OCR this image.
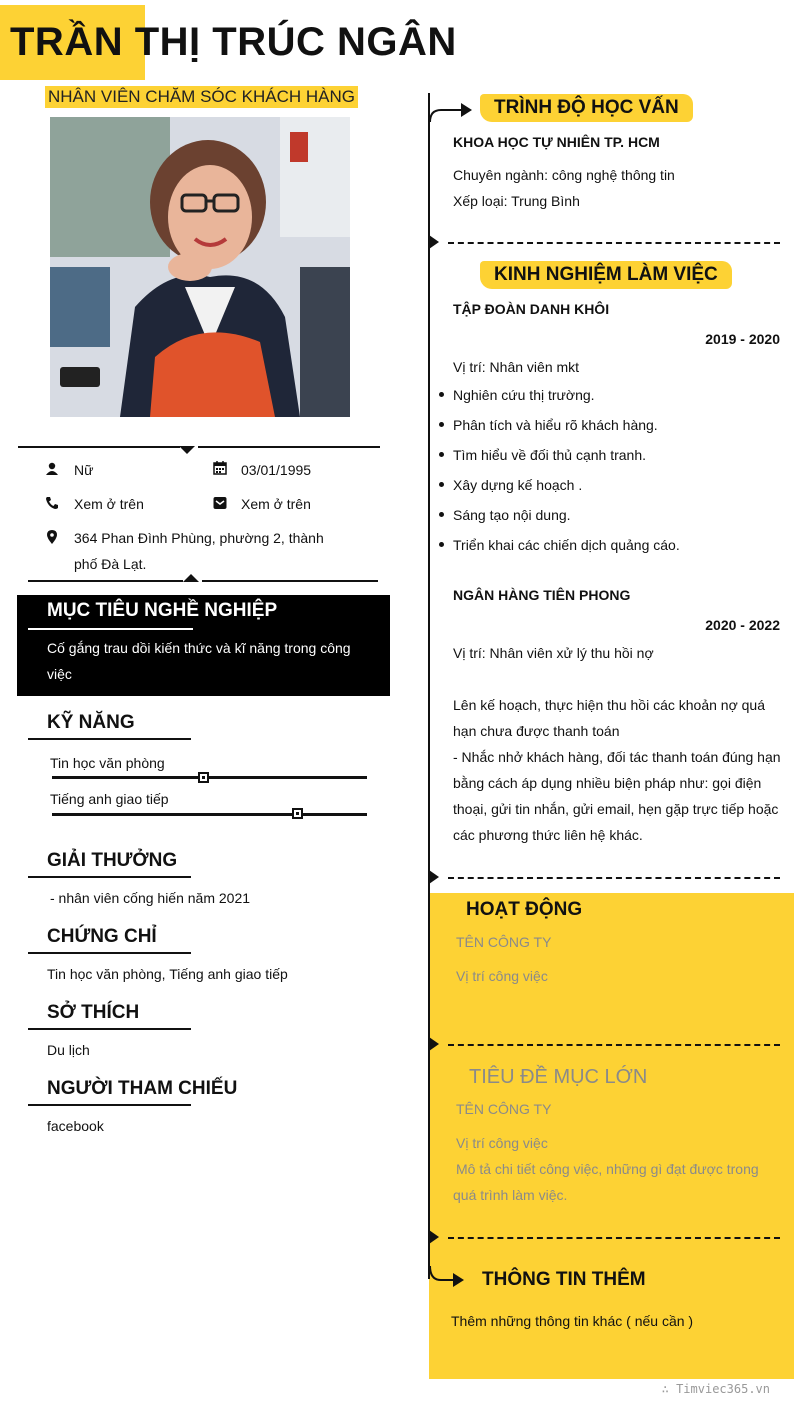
TRẦN THỊ TRÚC NGÂN
NHÂN VIÊN CHĂM SÓC KHÁCH HÀNG
Nữ	03/01/1995
Xem ở trên	Xem ở trên
364 Phan Đình Phùng, phường 2, thành
phố Đà Lạt.
MỤC TIÊU NGHỀ NGHIỆP
Cố gắng trau dồi kiến thức và kĩ năng trong công việc
KỸ NĂNG
Tin học văn phòng
Tiếng anh giao tiếp
GIẢI THƯỞNG
- nhân viên cống hiến năm 2021
CHỨNG CHỈ
Tin học văn phòng, Tiếng anh giao tiếp
SỞ THÍCH
Du lịch
NGƯỜI THAM CHIẾU
facebook
TRÌNH ĐỘ HỌC VẤN
KHOA HỌC TỰ NHIÊN TP. HCM
Chuyên ngành: công nghệ thông tin
Xếp loại: Trung Bình
KINH NGHIỆM LÀM VIỆC
TẬP ĐOÀN DANH KHÔI
2019 - 2020
Vị trí: Nhân viên mkt
Nghiên cứu thị trường.
Phân tích và hiểu rõ khách hàng.
Tìm hiểu về đối thủ cạnh tranh.
Xây dựng kế hoạch .
Sáng tạo nội dung.
Triển khai các chiến dịch quảng cáo.
NGÂN HÀNG TIÊN PHONG
2020 - 2022
Vị trí: Nhân viên xử lý thu hồi nợ
Lên kế hoạch, thực hiện thu hồi các khoản nợ quá
hạn chưa được thanh toán
- Nhắc nhở khách hàng, đối tác thanh toán đúng hạn
bằng cách áp dụng nhiều biện pháp như: gọi điện
thoại, gửi tin nhắn, gửi email, hẹn gặp trực tiếp hoặc
các phương thức liên hệ khác.
HOẠT ĐỘNG
TÊN CÔNG TY
Vị trí công việc
TIÊU ĐỀ MỤC LỚN
TÊN CÔNG TY
Vị trí công việc
Mô tả chi tiết công việc, những gì đạt được trong
quá trình làm việc.
THÔNG TIN THÊM
Thêm những thông tin khác ( nếu cần )
∴ Timviec365.vn
